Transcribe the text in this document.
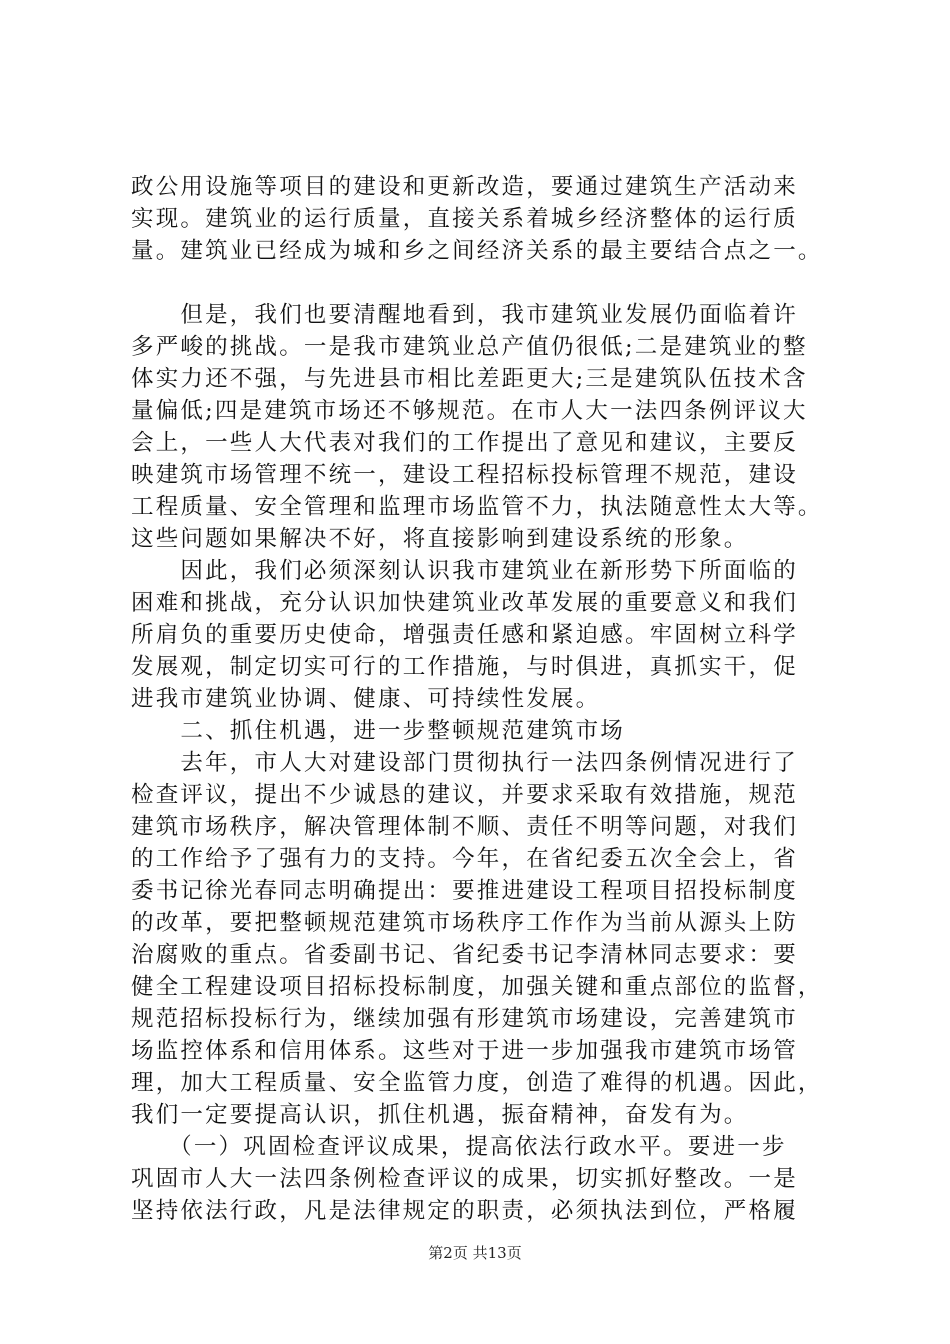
政公用设施等项目的建设和更新改造，要通过建筑生产活动来
实现。建筑业的运行质量，直接关系着城乡经济整体的运行质
量。建筑业已经成为城和乡之间经济关系的最主要结合点之一。
　　但是，我们也要清醒地看到，我市建筑业发展仍面临着许
多严峻的挑战。一是我市建筑业总产值仍很低;二是建筑业的整
体实力还不强，与先进县市相比差距更大;三是建筑队伍技术含
量偏低;四是建筑市场还不够规范。在市人大一法四条例评议大
会上，一些人大代表对我们的工作提出了意见和建议，主要反
映建筑市场管理不统一，建设工程招标投标管理不规范，建设
工程质量、安全管理和监理市场监管不力，执法随意性太大等。
这些问题如果解决不好，将直接影响到建设系统的形象。
　　因此，我们必须深刻认识我市建筑业在新形势下所面临的
困难和挑战，充分认识加快建筑业改革发展的重要意义和我们
所肩负的重要历史使命，增强责任感和紧迫感。牢固树立科学
发展观，制定切实可行的工作措施，与时俱进，真抓实干，促
进我市建筑业协调、健康、可持续性发展。
　　二、抓住机遇，进一步整顿规范建筑市场
　　去年，市人大对建设部门贯彻执行一法四条例情况进行了
检查评议，提出不少诚恳的建议，并要求采取有效措施，规范
建筑市场秩序，解决管理体制不顺、责任不明等问题，对我们
的工作给予了强有力的支持。今年，在省纪委五次全会上，省
委书记徐光春同志明确提出：要推进建设工程项目招投标制度
的改革，要把整顿规范建筑市场秩序工作作为当前从源头上防
治腐败的重点。省委副书记、省纪委书记李清林同志要求：要
健全工程建设项目招标投标制度，加强关键和重点部位的监督，
规范招标投标行为，继续加强有形建筑市场建设，完善建筑市
场监控体系和信用体系。这些对于进一步加强我市建筑市场管
理，加大工程质量、安全监管力度，创造了难得的机遇。因此，
我们一定要提高认识，抓住机遇，振奋精神，奋发有为。
　　（一）巩固检查评议成果，提高依法行政水平。要进一步
巩固市人大一法四条例检查评议的成果，切实抓好整改。一是
坚持依法行政，凡是法律规定的职责，必须执法到位，严格履
第2页 共13页
